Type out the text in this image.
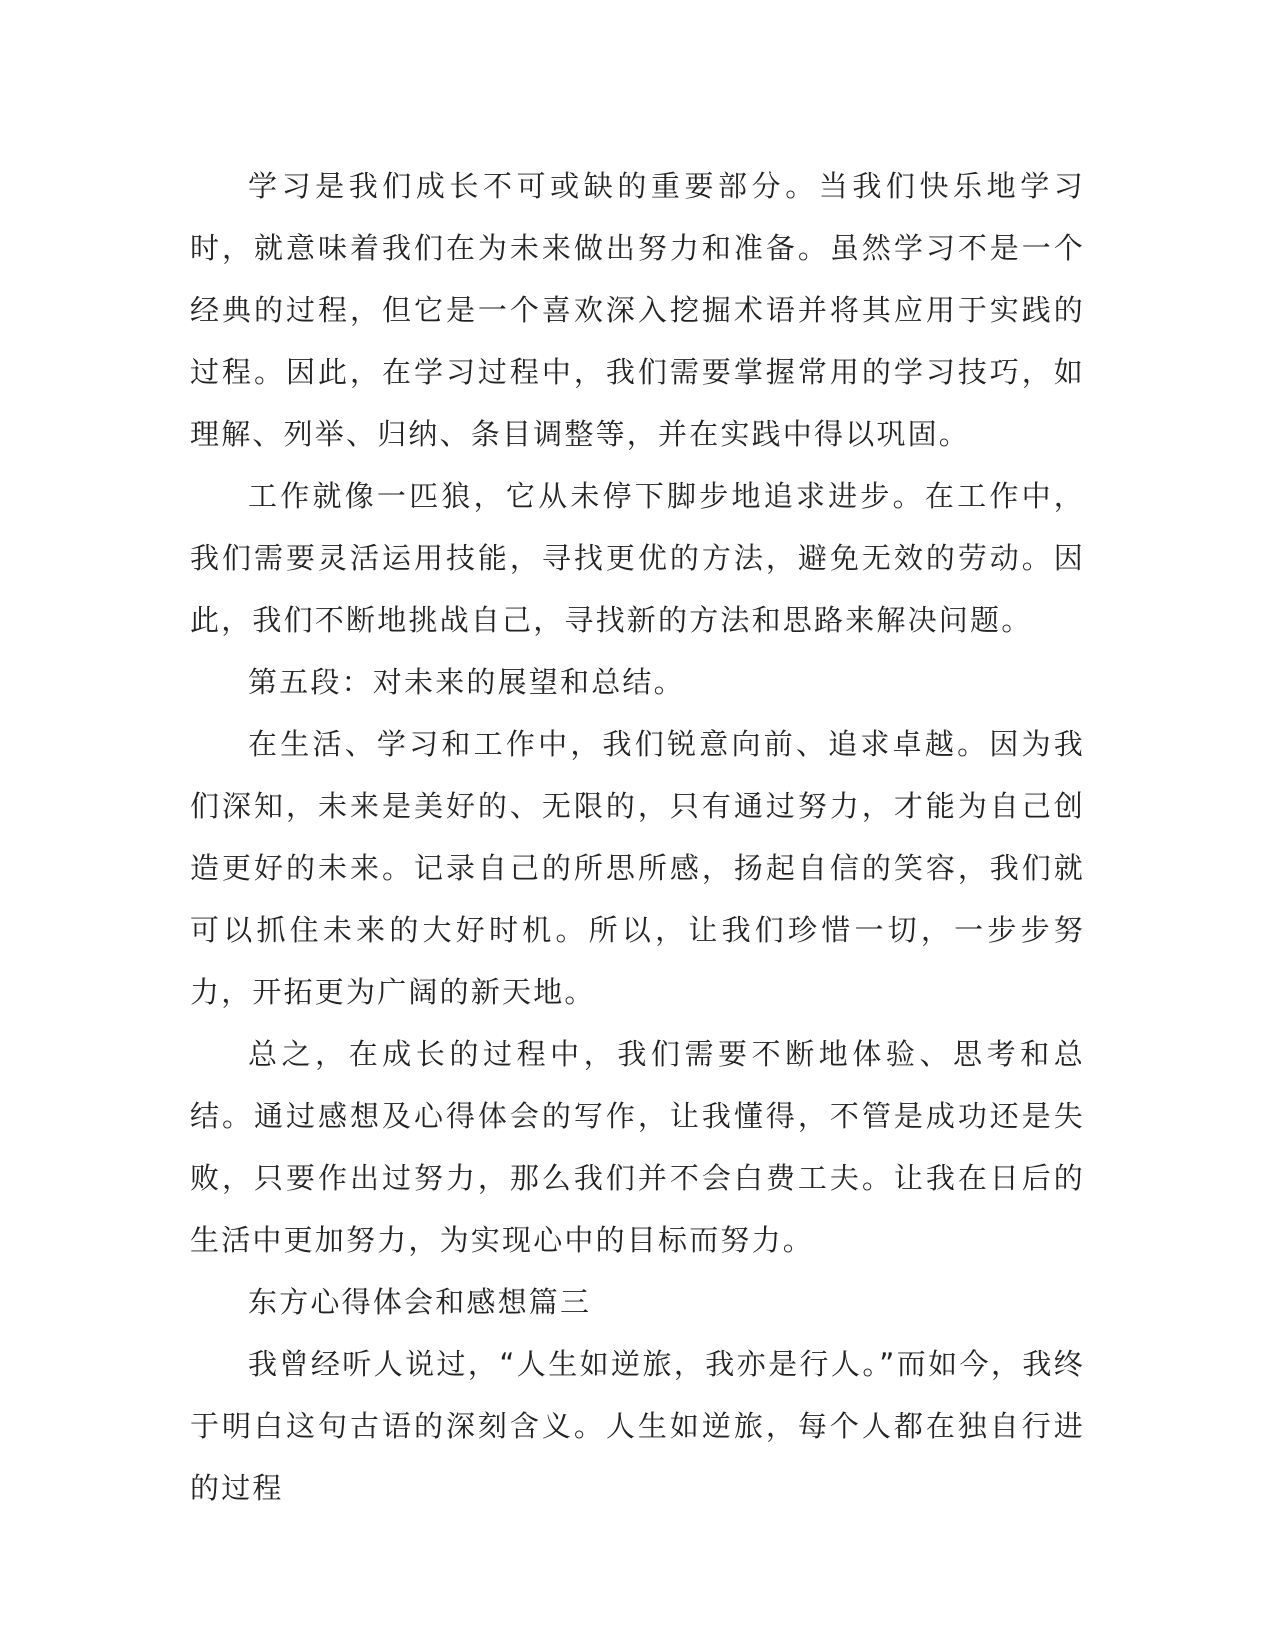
学习是我们成长不可或缺的重要部分。当我们快乐地学习时，就意味着我们在为未来做出努力和准备。虽然学习不是一个经典的过程，但它是一个喜欢深入挖掘术语并将其应用于实践的过程。因此，在学习过程中，我们需要掌握常用的学习技巧，如理解、列举、归纳、条目调整等，并在实践中得以巩固。

工作就像一匹狼，它从未停下脚步地追求进步。在工作中，我们需要灵活运用技能，寻找更优的方法，避免无效的劳动。因此，我们不断地挑战自己，寻找新的方法和思路来解决问题。

第五段：对未来的展望和总结。

在生活、学习和工作中，我们锐意向前、追求卓越。因为我们深知，未来是美好的、无限的，只有通过努力，才能为自己创造更好的未来。记录自己的所思所感，扬起自信的笑容，我们就可以抓住未来的大好时机。所以，让我们珍惜一切，一步步努力，开拓更为广阔的新天地。

总之，在成长的过程中，我们需要不断地体验、思考和总结。通过感想及心得体会的写作，让我懂得，不管是成功还是失败，只要作出过努力，那么我们并不会白费工夫。让我在日后的生活中更加努力，为实现心中的目标而努力。

东方心得体会和感想篇三

我曾经听人说过，“人生如逆旅，我亦是行人。”而如今，我终于明白这句古语的深刻含义。人生如逆旅，每个人都在独自行进的过程
